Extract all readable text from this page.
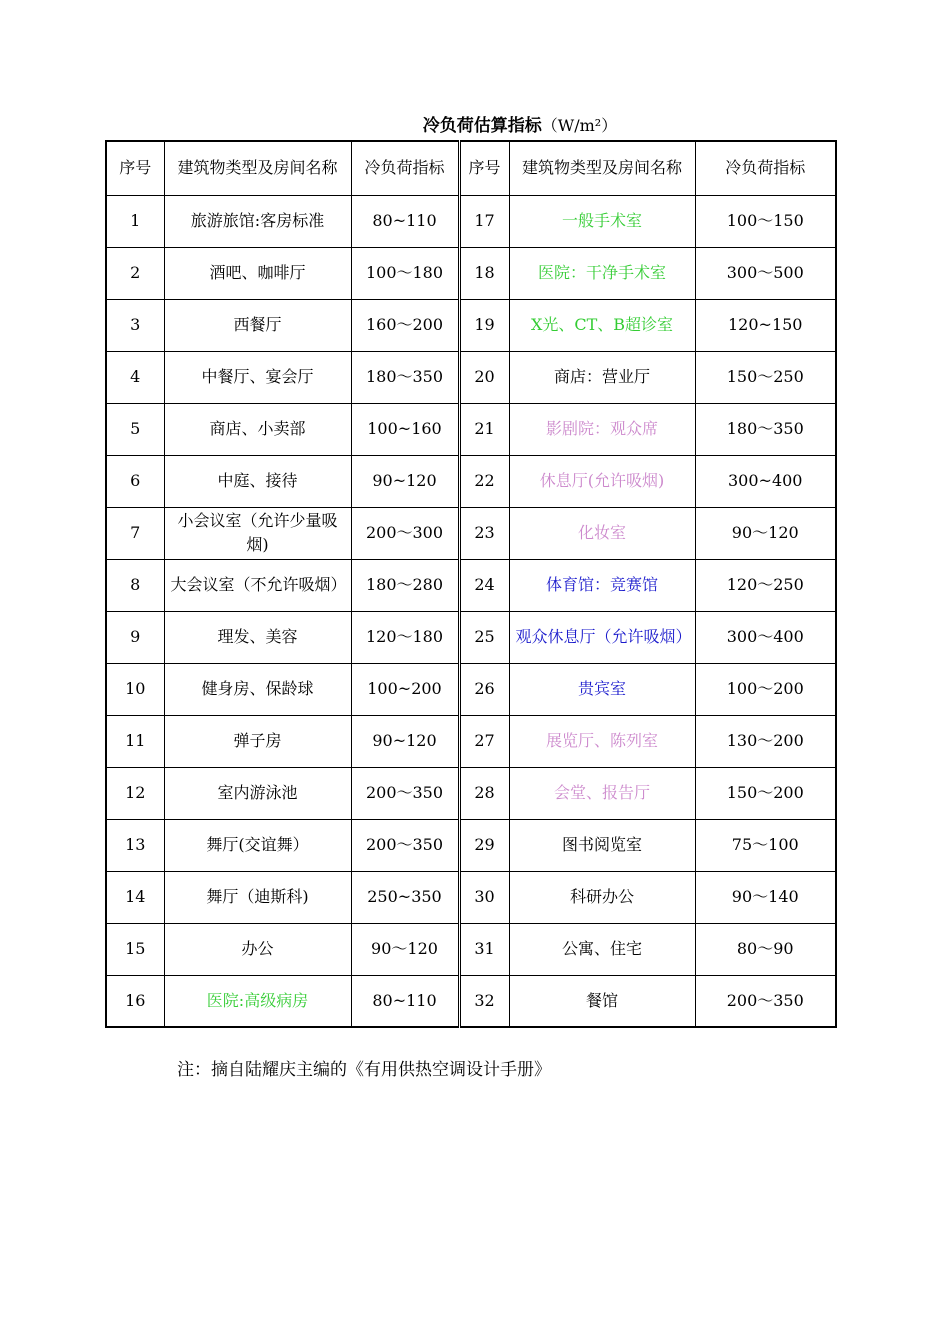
冷负荷估算指标（W/m²）
序号	建筑物类型及房间名称	冷负荷指标	序号	建筑物类型及房间名称	冷负荷指标
1	旅游旅馆:客房标准	80~110	17	一般手术室	100～150
2	酒吧、咖啡厅	100～180	18	医院：干净手术室	300～500
3	西餐厅	160～200	19	X光、CT、B超诊室	120~150
4	中餐厅、宴会厅	180～350	20	商店：营业厅	150～250
5	商店、小卖部	100~160	21	影剧院：观众席	180～350
6	中庭、接待	90~120	22	休息厅(允许吸烟)	300~400
7	小会议室（允许少量吸烟)	200～300	23	化妆室	90～120
8	大会议室（不允许吸烟）	180～280	24	体育馆：竞赛馆	120～250
9	理发、美容	120～180	25	观众休息厅（允许吸烟）	300～400
10	健身房、保龄球	100~200	26	贵宾室	100～200
11	弹子房	90~120	27	展览厅、陈列室	130～200
12	室内游泳池	200～350	28	会堂、报告厅	150～200
13	舞厅(交谊舞）	200～350	29	图书阅览室	75～100
14	舞厅（迪斯科)	250~350	30	科研办公	90～140
15	办公	90～120	31	公寓、住宅	80～90
16	医院:高级病房	80~110	32	餐馆	200～350
注：摘自陆耀庆主编的《有用供热空调设计手册》
